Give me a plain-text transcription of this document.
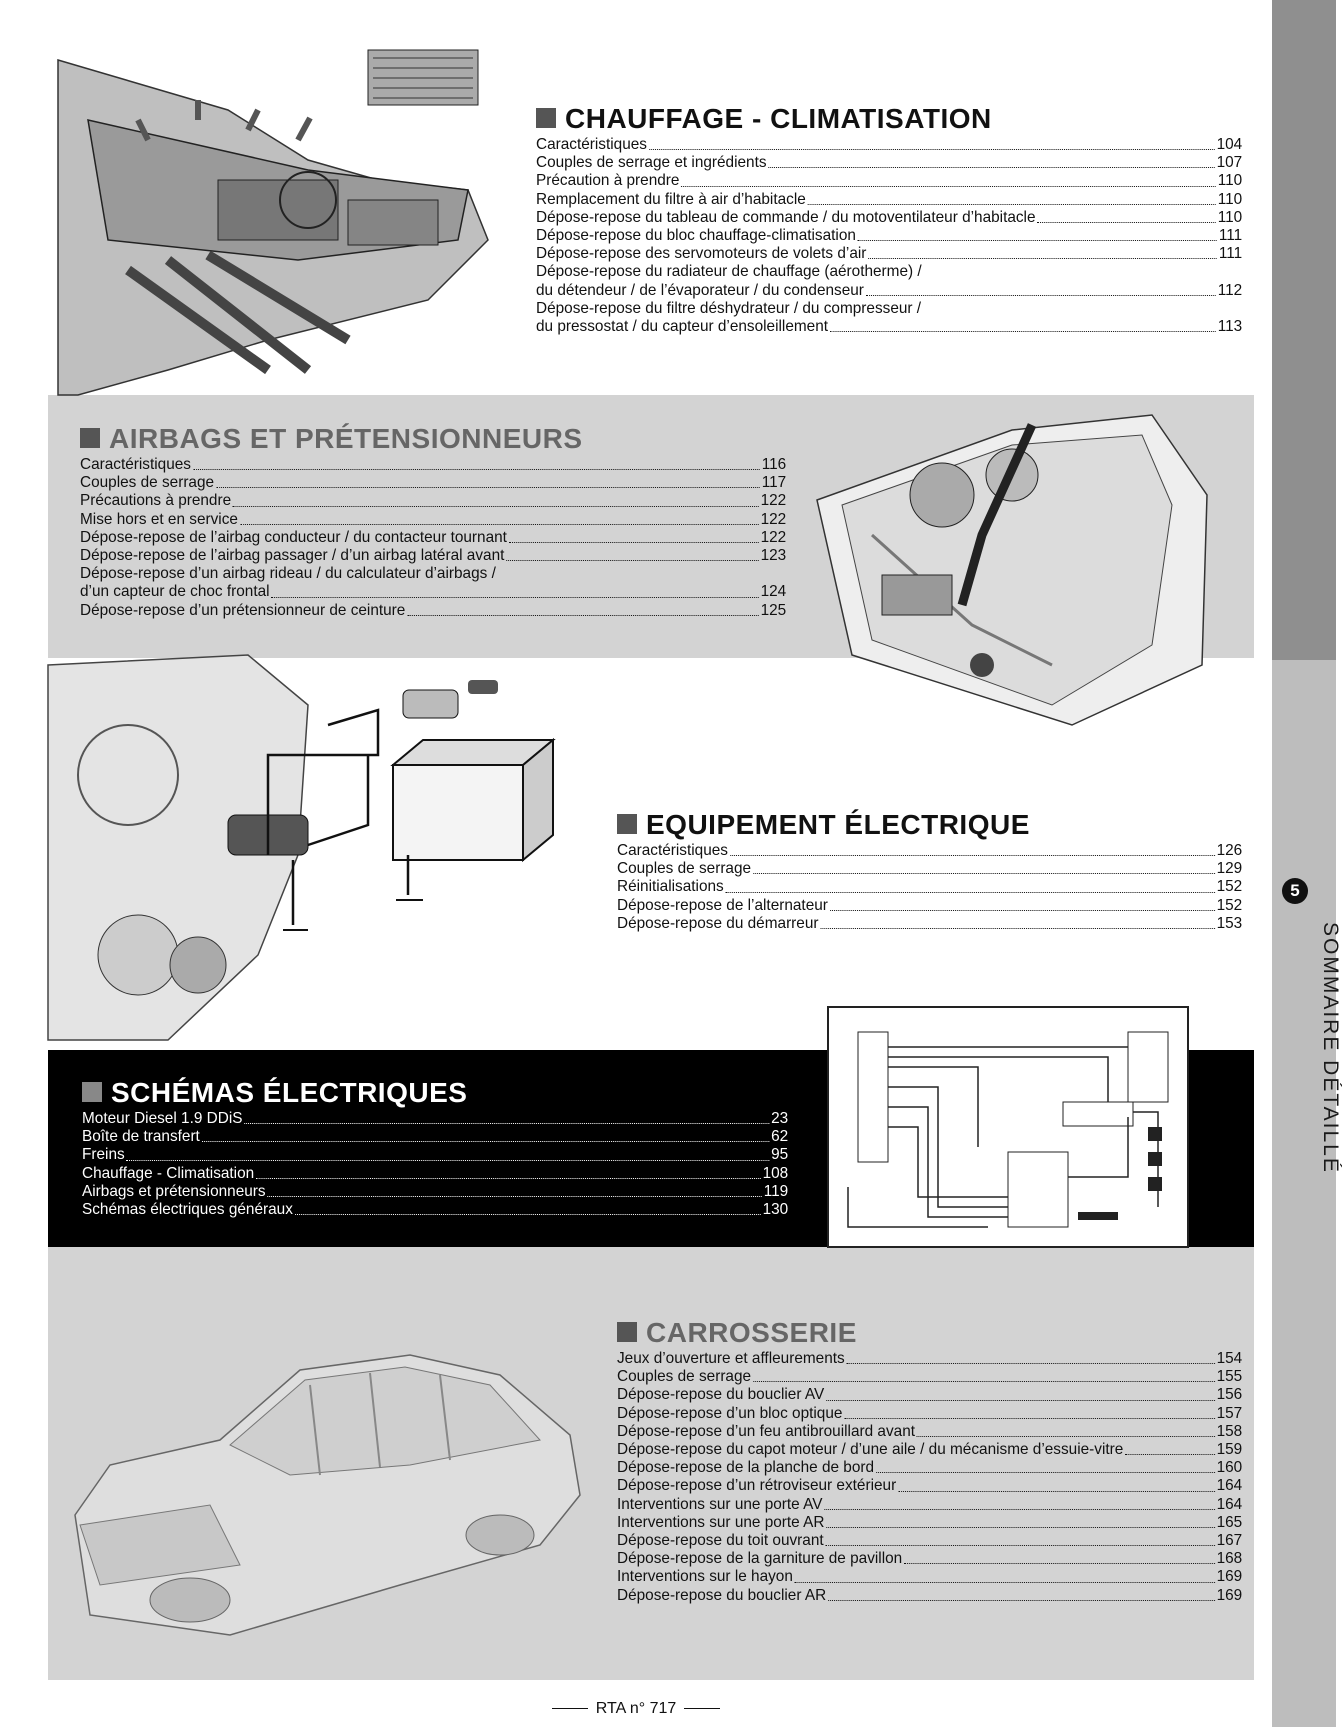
5
SOMMAIRE DÉTAILLÉ
CHAUFFAGE - CLIMATISATION
Caractéristiques	104
Couples de serrage et ingrédients	107
Précaution à prendre	110
Remplacement du filtre à air d’habitacle	110
Dépose-repose du tableau de commande / du motoventilateur d’habitacle	110
Dépose-repose du bloc chauffage-climatisation	111
Dépose-repose des servomoteurs de volets d’air	111
Dépose-repose du radiateur de chauffage (aérotherme) /
du détendeur / de l’évaporateur / du condenseur	112
Dépose-repose du filtre déshydrateur / du compresseur /
du pressostat / du capteur d’ensoleillement	113
AIRBAGS ET PRÉTENSIONNEURS
Caractéristiques	116
Couples de serrage	117
Précautions à prendre	122
Mise hors et en service	122
Dépose-repose de l’airbag conducteur / du contacteur tournant	122
Dépose-repose de l’airbag passager / d’un airbag latéral avant	123
Dépose-repose d’un airbag rideau / du calculateur d’airbags /
d’un capteur de choc frontal	124
Dépose-repose d’un prétensionneur de ceinture	125
EQUIPEMENT ÉLECTRIQUE
Caractéristiques	126
Couples de serrage	129
Réinitialisations	152
Dépose-repose de l’alternateur	152
Dépose-repose du démarreur	153
SCHÉMAS ÉLECTRIQUES
Moteur Diesel 1.9 DDiS	23
Boîte de transfert	62
Freins	95
Chauffage - Climatisation	108
Airbags et prétensionneurs	119
Schémas électriques généraux	130
CARROSSERIE
Jeux d’ouverture et affleurements	154
Couples de serrage	155
Dépose-repose du bouclier AV	156
Dépose-repose d’un bloc optique	157
Dépose-repose d’un feu antibrouillard avant	158
Dépose-repose du capot moteur / d’une aile / du mécanisme d’essuie-vitre	159
Dépose-repose de la planche de bord	160
Dépose-repose d’un rétroviseur extérieur	164
Interventions sur une porte AV	164
Interventions sur une porte AR	165
Dépose-repose du toit ouvrant	167
Dépose-repose de la garniture de pavillon	168
Interventions sur le hayon	169
Dépose-repose du bouclier AR	169
RTA n° 717
